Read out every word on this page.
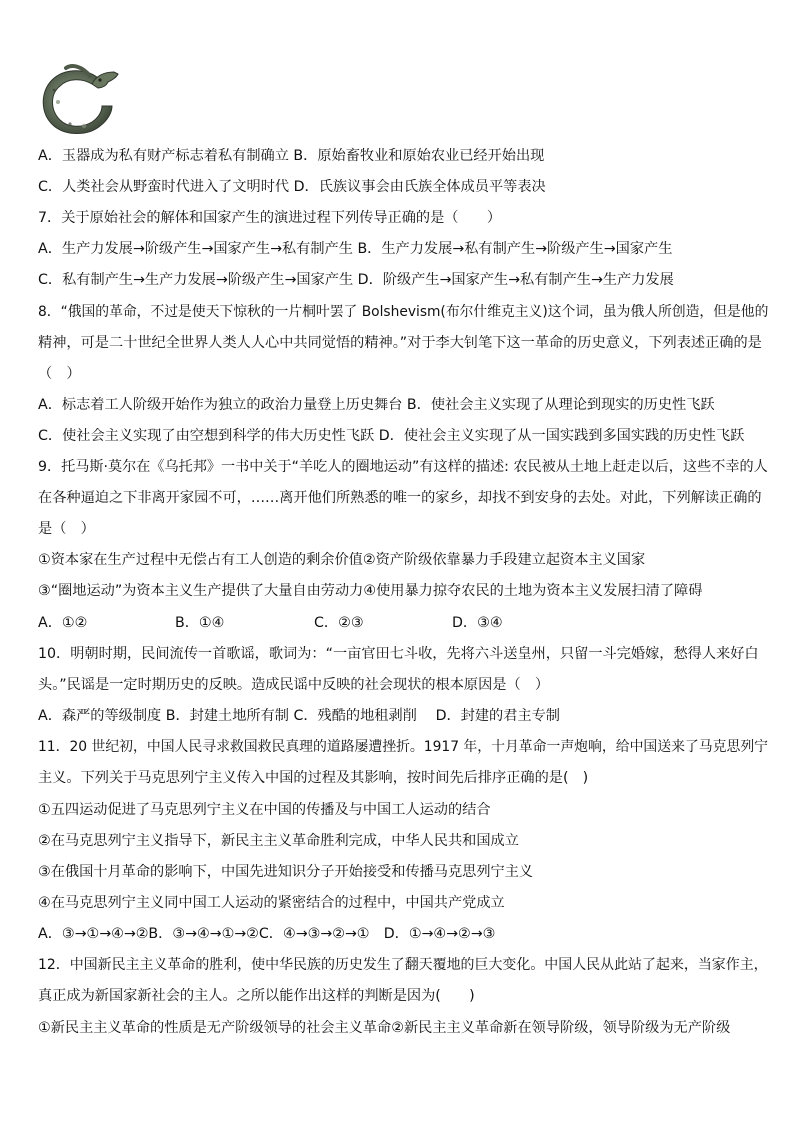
A．玉器成为私有财产标志着私有制确立 B．原始畜牧业和原始农业已经开始出现
C．人类社会从野蛮时代进入了文明时代 D．氏族议事会由氏族全体成员平等表决
7．关于原始社会的解体和国家产生的演进过程下列传导正确的是（　　）
A．生产力发展→阶级产生→国家产生→私有制产生 B．生产力发展→私有制产生→阶级产生→国家产生
C．私有制产生→生产力发展→阶级产生→国家产生 D．阶级产生→国家产生→私有制产生→生产力发展
8．“俄国的革命，不过是使天下惊秋的一片桐叶罢了 Bolshevism(布尔什维克主义)这个词，虽为俄人所创造，但是他的
精神，可是二十世纪全世界人类人人心中共同觉悟的精神。”对于李大钊笔下这一革命的历史意义，下列表述正确的是
（　）
A．标志着工人阶级开始作为独立的政治力量登上历史舞台 B．使社会主义实现了从理论到现实的历史性飞跃
C．使社会主义实现了由空想到科学的伟大历史性飞跃 D．使社会主义实现了从一国实践到多国实践的历史性飞跃
9．托马斯·莫尔在《乌托邦》一书中关于“羊吃人的圈地运动”有这样的描述: 农民被从土地上赶走以后，这些不幸的人
在各种逼迫之下非离开家园不可，……离开他们所熟悉的唯一的家乡，却找不到安身的去处。对此，下列解读正确的
是（　）
①资本家在生产过程中无偿占有工人创造的剩余价值②资产阶级依靠暴力手段建立起资本主义国家
③“圈地运动”为资本主义生产提供了大量自由劳动力④使用暴力掠夺农民的土地为资本主义发展扫清了障碍
A．①②	B．①④	C．②③	D．③④
10．明朝时期，民间流传一首歌谣，歌词为：“一亩官田七斗收，先将六斗送皇州，只留一斗完婚嫁，愁得人来好白
头。”民谣是一定时期历史的反映。造成民谣中反映的社会现状的根本原因是（　）
A．森严的等级制度 B．封建土地所有制 C．残酷的地租剥削　 D．封建的君主专制
11．20 世纪初，中国人民寻求救国救民真理的道路屡遭挫折。1917 年，十月革命一声炮响，给中国送来了马克思列宁
主义。下列关于马克思列宁主义传入中国的过程及其影响，按时间先后排序正确的是(　)
①五四运动促进了马克思列宁主义在中国的传播及与中国工人运动的结合
②在马克思列宁主义指导下，新民主主义革命胜利完成，中华人民共和国成立
③在俄国十月革命的影响下，中国先进知识分子开始接受和传播马克思列宁主义
④在马克思列宁主义同中国工人运动的紧密结合的过程中，中国共产党成立
A．③→①→④→②B．③→④→①→②C．④→③→②→①　D．①→④→②→③
12．中国新民主主义革命的胜利，使中华民族的历史发生了翻天覆地的巨大变化。中国人民从此站了起来，当家作主，
真正成为新国家新社会的主人。之所以能作出这样的判断是因为(　　)
①新民主主义革命的性质是无产阶级领导的社会主义革命②新民主主义革命新在领导阶级，领导阶级为无产阶级
